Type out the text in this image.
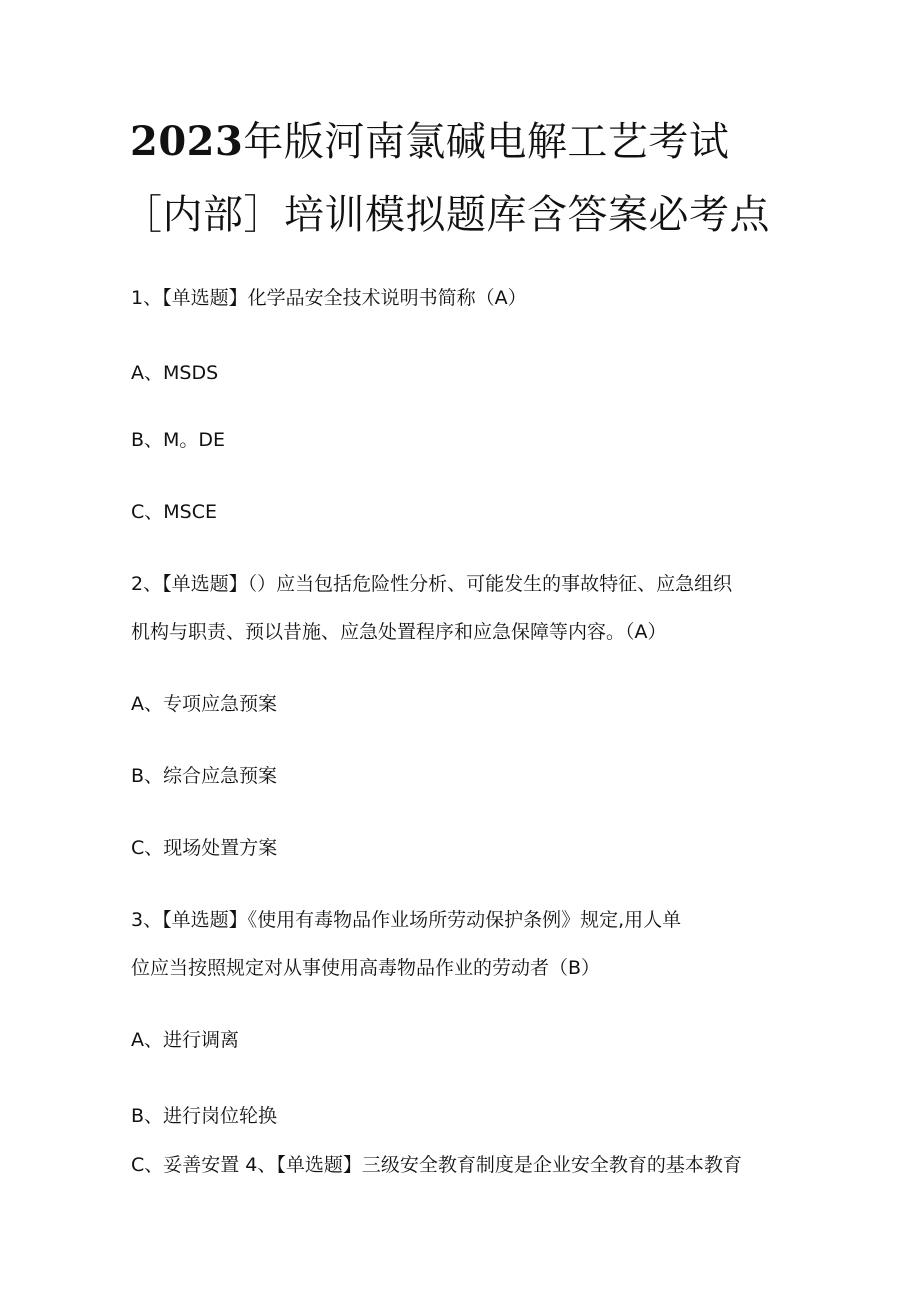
2023年版河南氯碱电解工艺考试
［内部］培训模拟题库含答案必考点

1、【单选题】化学品安全技术说明书简称（A）

A、MSDS

B、M。DE

C、MSCE

2、【单选题】（）应当包括危险性分析、可能发生的事故特征、应急组织

机构与职责、预以昔施、应急处置程序和应急保障等内容。（A）

A、专项应急预案

B、综合应急预案

C、现场处置方案

3、【单选题】《使用有毒物品作业场所劳动保护条例》规定,用人单

位应当按照规定对从事使用高毒物品作业的劳动者（B）

A、进行调离

B、进行岗位轮换

C、妥善安置 4、【单选题】三级安全教育制度是企业安全教育的基本教育
